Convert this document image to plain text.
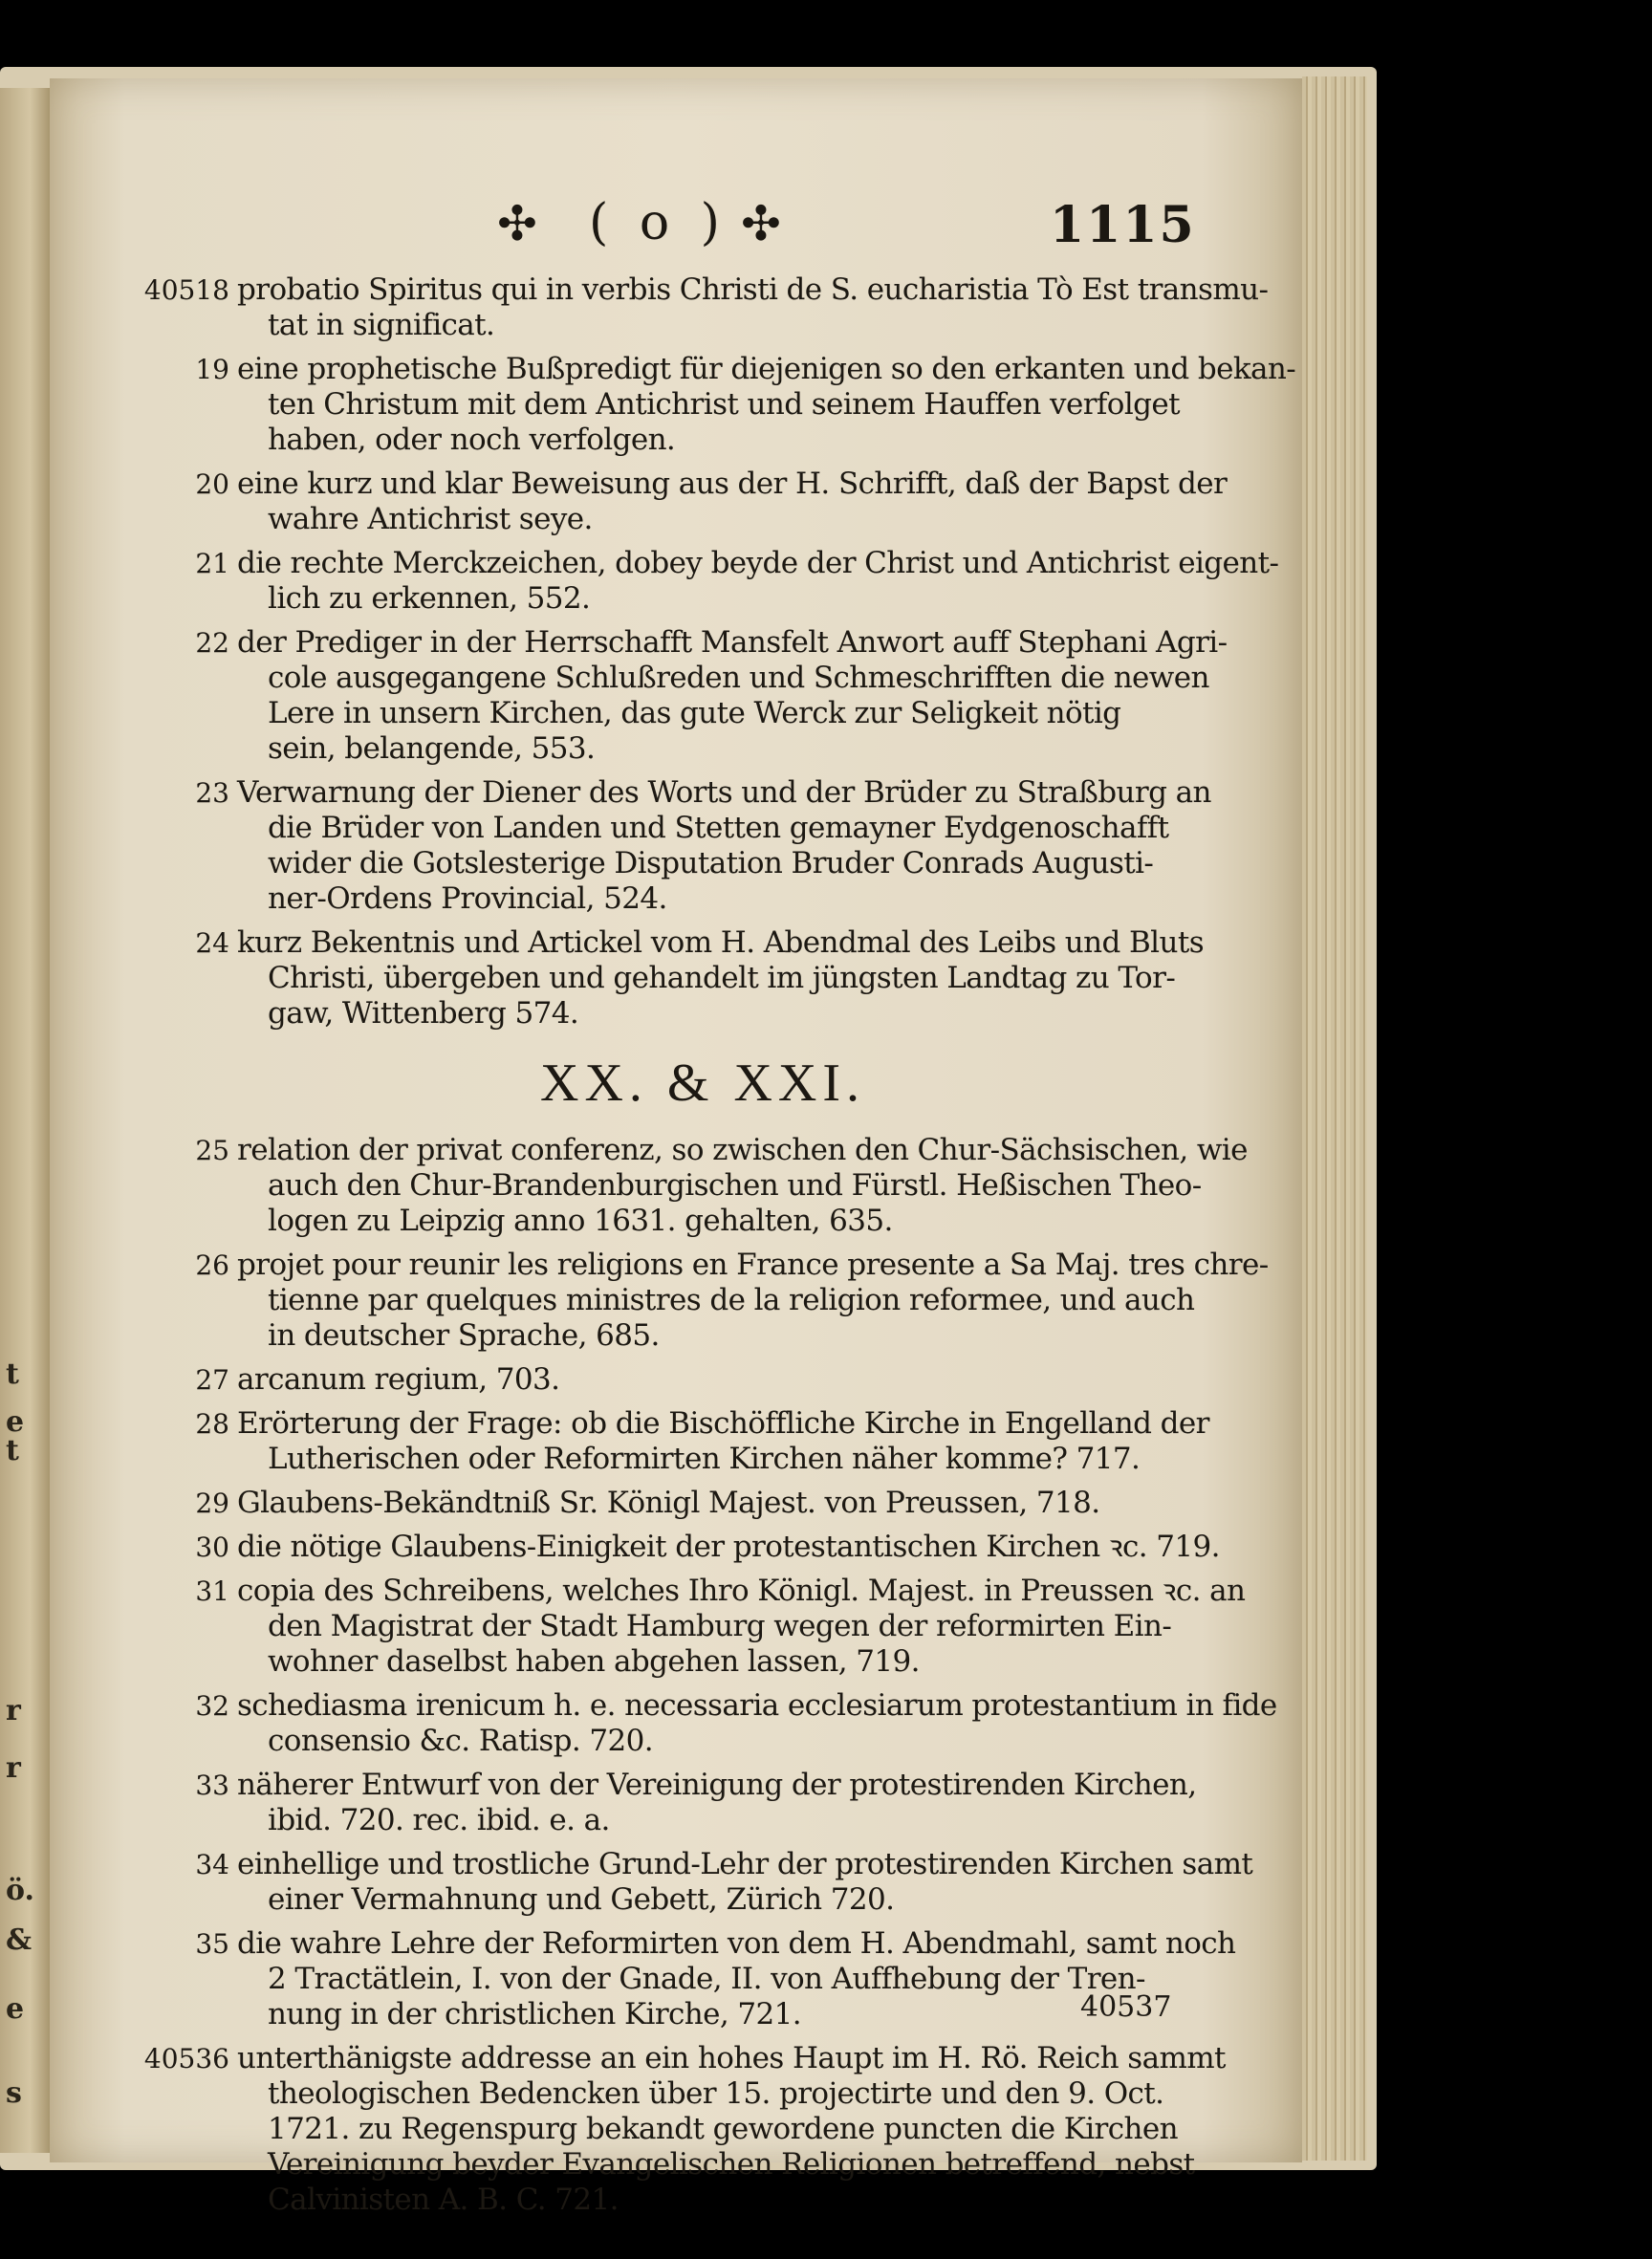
t
e
t
r
r
ö.
&
e
s
✣ ( o ) ✣	1115
40518 probatio Spiritus qui in verbis Christi de S. eucharistia Tò Est transmu-
tat in significat.
19 eine prophetische Bußpredigt für diejenigen so den erkanten und bekan-
ten Christum mit dem Antichrist und seinem Hauffen verfolget
haben, oder noch verfolgen.
20 eine kurz und klar Beweisung aus der H. Schrifft, daß der Bapst der
wahre Antichrist seye.
21 die rechte Merckzeichen, dobey beyde der Christ und Antichrist eigent-
lich zu erkennen, 552.
22 der Prediger in der Herrschafft Mansfelt Anwort auff Stephani Agri-
cole ausgegangene Schlußreden und Schmeschrifften die newen
Lere in unsern Kirchen, das gute Werck zur Seligkeit nötig
sein, belangende, 553.
23 Verwarnung der Diener des Worts und der Brüder zu Straßburg an
die Brüder von Landen und Stetten gemayner Eydgenoschafft
wider die Gotslesterige Disputation Bruder Conrads Augusti-
ner-Ordens Provincial, 524.
24 kurz Bekentnis und Artickel vom H. Abendmal des Leibs und Bluts
Christi, übergeben und gehandelt im jüngsten Landtag zu Tor-
gaw, Wittenberg 574.
XX. & XXI.
25 relation der privat conferenz, so zwischen den Chur-Sächsischen, wie
auch den Chur-Brandenburgischen und Fürstl. Heßischen Theo-
logen zu Leipzig anno 1631. gehalten, 635.
26 projet pour reunir les religions en France presente a Sa Maj. tres chre-
tienne par quelques ministres de la religion reformee, und auch
in deutscher Sprache, 685.
27 arcanum regium, 703.
28 Erörterung der Frage: ob die Bischöffliche Kirche in Engelland der
Lutherischen oder Reformirten Kirchen näher komme? 717.
29 Glaubens-Bekändtniß Sr. Königl Majest. von Preussen, 718.
30 die nötige Glaubens-Einigkeit der protestantischen Kirchen ꝛc. 719.
31 copia des Schreibens, welches Ihro Königl. Majest. in Preussen ꝛc. an
den Magistrat der Stadt Hamburg wegen der reformirten Ein-
wohner daselbst haben abgehen lassen, 719.
32 schediasma irenicum h. e. necessaria ecclesiarum protestantium in fide
consensio &c. Ratisp. 720.
33 näherer Entwurf von der Vereinigung der protestirenden Kirchen,
ibid. 720. rec. ibid. e. a.
34 einhellige und trostliche Grund-Lehr der protestirenden Kirchen samt
einer Vermahnung und Gebett, Zürich 720.
35 die wahre Lehre der Reformirten von dem H. Abendmahl, samt noch
2 Tractätlein, I. von der Gnade, II. von Auffhebung der Tren-
nung in der christlichen Kirche, 721.
40536 unterthänigste addresse an ein hohes Haupt im H. Rö. Reich sammt
theologischen Bedencken über 15. projectirte und den 9. Oct.
1721. zu Regenspurg bekandt gewordene puncten die Kirchen
Vereinigung beyder Evangelischen Religionen betreffend, nebst
Calvinisten A. B. C. 721.
40537
